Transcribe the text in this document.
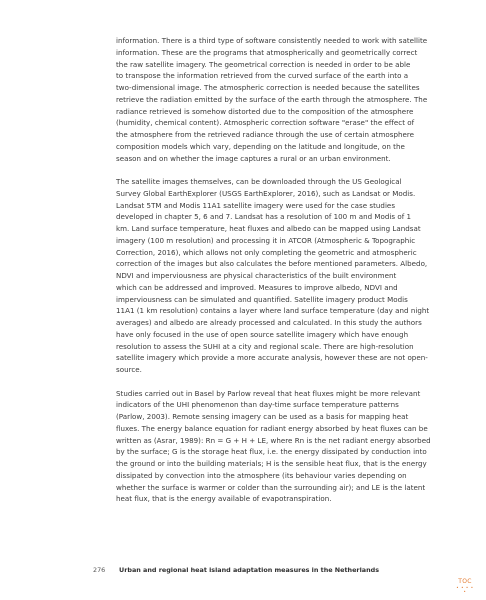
information. There is a third type of software consistently needed to work with satellite
information. These are the programs that atmospherically and geometrically correct
the raw satellite imagery. The geometrical correction is needed in order to be able
to transpose the information retrieved from the curved surface of the earth into a
two-dimensional image. The atmospheric correction is needed because the satellites
retrieve the radiation emitted by the surface of the earth through the atmosphere. The
radiance retrieved is somehow distorted due to the composition of the atmosphere
(humidity, chemical content). Atmospheric correction software "erase" the effect of
the atmosphere from the retrieved radiance through the use of certain atmosphere
composition models which vary, depending on the latitude and longitude, on the
season and on whether the image captures a rural or an urban environment.

The satellite images themselves, can be downloaded through the US Geological
Survey Global EarthExplorer (USGS EarthExplorer, 2016), such as Landsat or Modis.
Landsat 5TM and Modis 11A1 satellite imagery were used for the case studies
developed in chapter 5, 6 and 7. Landsat has a resolution of 100 m and Modis of 1
km. Land surface temperature, heat fluxes and albedo can be mapped using Landsat
imagery (100 m resolution) and processing it in ATCOR (Atmospheric & Topographic
Correction, 2016), which allows not only completing the geometric and atmospheric
correction of the images but also calculates the before mentioned parameters. Albedo,
NDVI and imperviousness are physical characteristics of the built environment
which can be addressed and improved. Measures to improve albedo, NDVI and
imperviousness can be simulated and quantified. Satellite imagery product Modis
11A1 (1 km resolution) contains a layer where land surface temperature (day and night
averages) and albedo are already processed and calculated. In this study the authors
have only focused in the use of open source satellite imagery which have enough
resolution to assess the SUHI at a city and regional scale. There are high-resolution
satellite imagery which provide a more accurate analysis, however these are not open-
source.

Studies carried out in Basel by Parlow reveal that heat fluxes might be more relevant
indicators of the UHI phenomenon than day-time surface temperature patterns
(Parlow, 2003). Remote sensing imagery can be used as a basis for mapping heat
fluxes. The energy balance equation for radiant energy absorbed by heat fluxes can be
written as (Asrar, 1989): Rn = G + H + LE, where Rn is the net radiant energy absorbed
by the surface; G is the storage heat flux, i.e. the energy dissipated by conduction into
the ground or into the building materials; H is the sensible heat flux, that is the energy
dissipated by convection into the atmosphere (its behaviour varies depending on
whether the surface is warmer or colder than the surrounding air); and LE is the latent
heat flux, that is the energy available of evapotranspiration.

276 Urban and regional heat island adaptation measures in the Netherlands
TOC
• • • • •
